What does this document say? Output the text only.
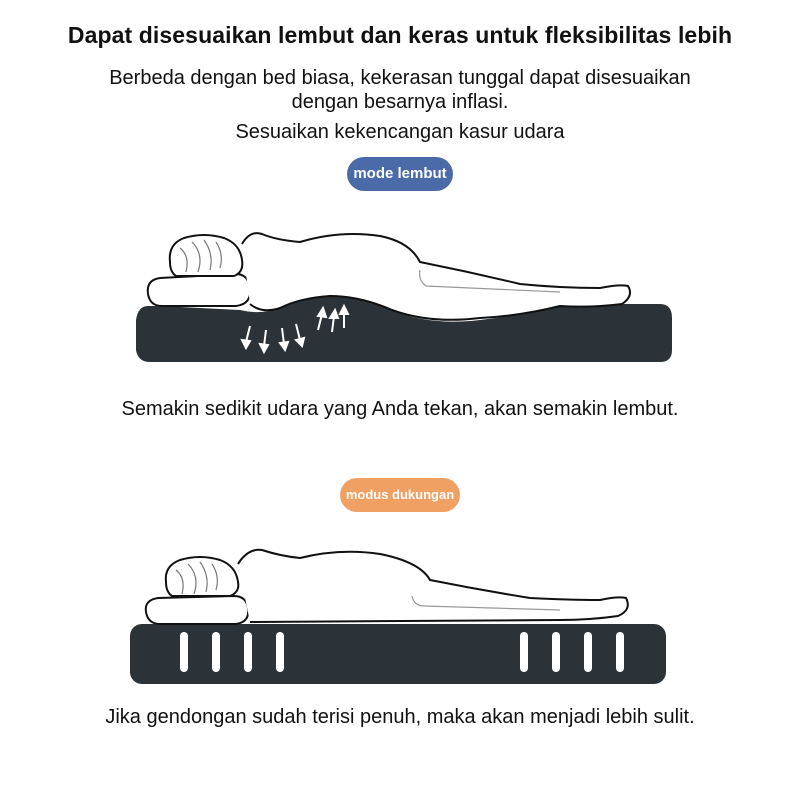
Dapat disesuaikan lembut dan keras untuk fleksibilitas lebih
Berbeda dengan bed biasa, kekerasan tunggal dapat disesuaikan
dengan besarnya inflasi.
Sesuaikan kekencangan kasur udara
mode lembut
Semakin sedikit udara yang Anda tekan, akan semakin lembut.
modus dukungan
Jika gendongan sudah terisi penuh, maka akan menjadi lebih sulit.
